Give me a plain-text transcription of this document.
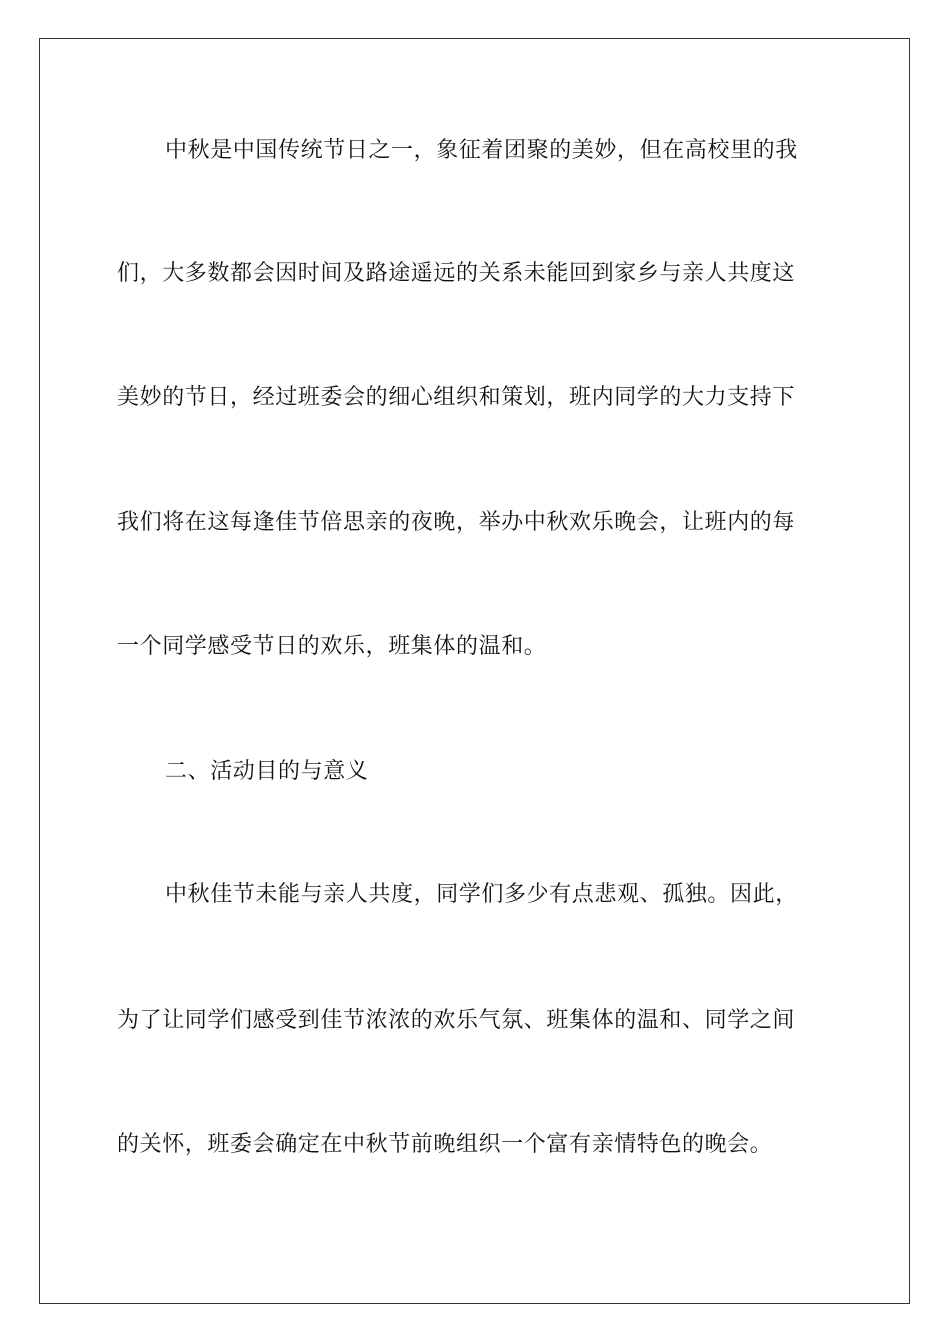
中秋是中国传统节日之一，象征着团聚的美妙，但在高校里的我
们，大多数都会因时间及路途遥远的关系未能回到家乡与亲人共度这
美妙的节日，经过班委会的细心组织和策划，班内同学的大力支持下
我们将在这每逢佳节倍思亲的夜晚，举办中秋欢乐晚会，让班内的每
一个同学感受节日的欢乐，班集体的温和。
二、活动目的与意义
中秋佳节未能与亲人共度，同学们多少有点悲观、孤独。因此，
为了让同学们感受到佳节浓浓的欢乐气氛、班集体的温和、同学之间
的关怀，班委会确定在中秋节前晚组织一个富有亲情特色的晚会。
